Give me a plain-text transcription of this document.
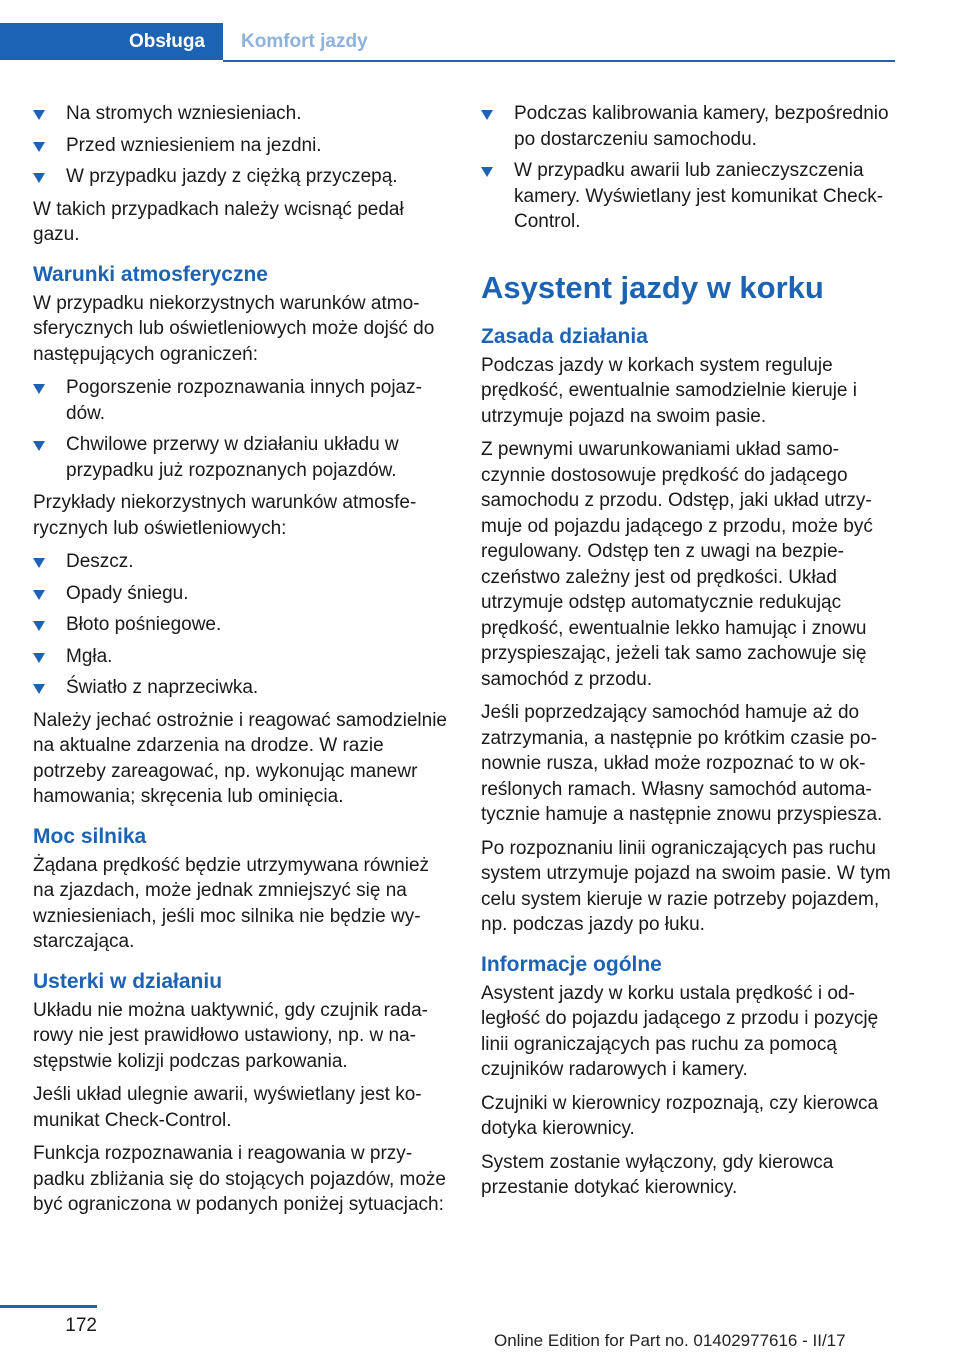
Obsługa	Komfort jazdy
Na stromych wzniesieniach.
Przed wzniesieniem na jezdni.
W przypadku jazdy z ciężką przyczepą.

W takich przypadkach należy wcisnąć pedał gazu.

Warunki atmosferyczne

W przypadku niekorzystnych warunków atmosferycznych lub oświetleniowych może dojść do następujących ograniczeń:

Pogorszenie rozpoznawania innych pojazdów.
Chwilowe przerwy w działaniu układu w przypadku już rozpoznanych pojazdów.

Przykłady niekorzystnych warunków atmosferycznych lub oświetleniowych:

Deszcz.
Opady śniegu.
Błoto pośniegowe.
Mgła.
Światło z naprzeciwka.

Należy jechać ostrożnie i reagować samodzielnie na aktualne zdarzenia na drodze. W razie potrzeby zareagować, np. wykonując manewr hamowania; skręcenia lub ominięcia.

Moc silnika

Żądana prędkość będzie utrzymywana również na zjazdach, może jednak zmniejszyć się na wzniesieniach, jeśli moc silnika nie będzie wystarczająca.

Usterki w działaniu

Układu nie można uaktywnić, gdy czujnik radarowy nie jest prawidłowo ustawiony, np. w następstwie kolizji podczas parkowania.

Jeśli układ ulegnie awarii, wyświetlany jest komunikat Check-Control.

Funkcja rozpoznawania i reagowania w przypadku zbliżania się do stojących pojazdów, może być ograniczona w podanych poniżej sytuacjach:

Podczas kalibrowania kamery, bezpośrednio po dostarczeniu samochodu.
W przypadku awarii lub zanieczyszczenia kamery. Wyświetlany jest komunikat Check-Control.
Asystent jazdy w korku
Zasada działania

Podczas jazdy w korkach system reguluje prędkość, ewentualnie samodzielnie kieruje i utrzymuje pojazd na swoim pasie.

Z pewnymi uwarunkowaniami układ samoczynnie dostosowuje prędkość do jadącego samochodu z przodu. Odstęp, jaki układ utrzymuje od pojazdu jadącego z przodu, może być regulowany. Odstęp ten z uwagi na bezpieczeństwo zależny jest od prędkości. Układ utrzymuje odstęp automatycznie redukując prędkość, ewentualnie lekko hamując i znowu przyspieszając, jeżeli tak samo zachowuje się samochód z przodu.

Jeśli poprzedzający samochód hamuje aż do zatrzymania, a następnie po krótkim czasie ponownie rusza, układ może rozpoznać to w określonych ramach. Własny samochód automatycznie hamuje a następnie znowu przyspiesza.

Po rozpoznaniu linii ograniczających pas ruchu system utrzymuje pojazd na swoim pasie. W tym celu system kieruje w razie potrzeby pojazdem, np. podczas jazdy po łuku.

Informacje ogólne

Asystent jazdy w korku ustala prędkość i odległość do pojazdu jadącego z przodu i pozycję linii ograniczających pas ruchu za pomocą czujników radarowych i kamery.

Czujniki w kierownicy rozpoznają, czy kierowca dotyka kierownicy.

System zostanie wyłączony, gdy kierowca przestanie dotykać kierownicy.

172
Online Edition for Part no. 01402977616 - II/17
